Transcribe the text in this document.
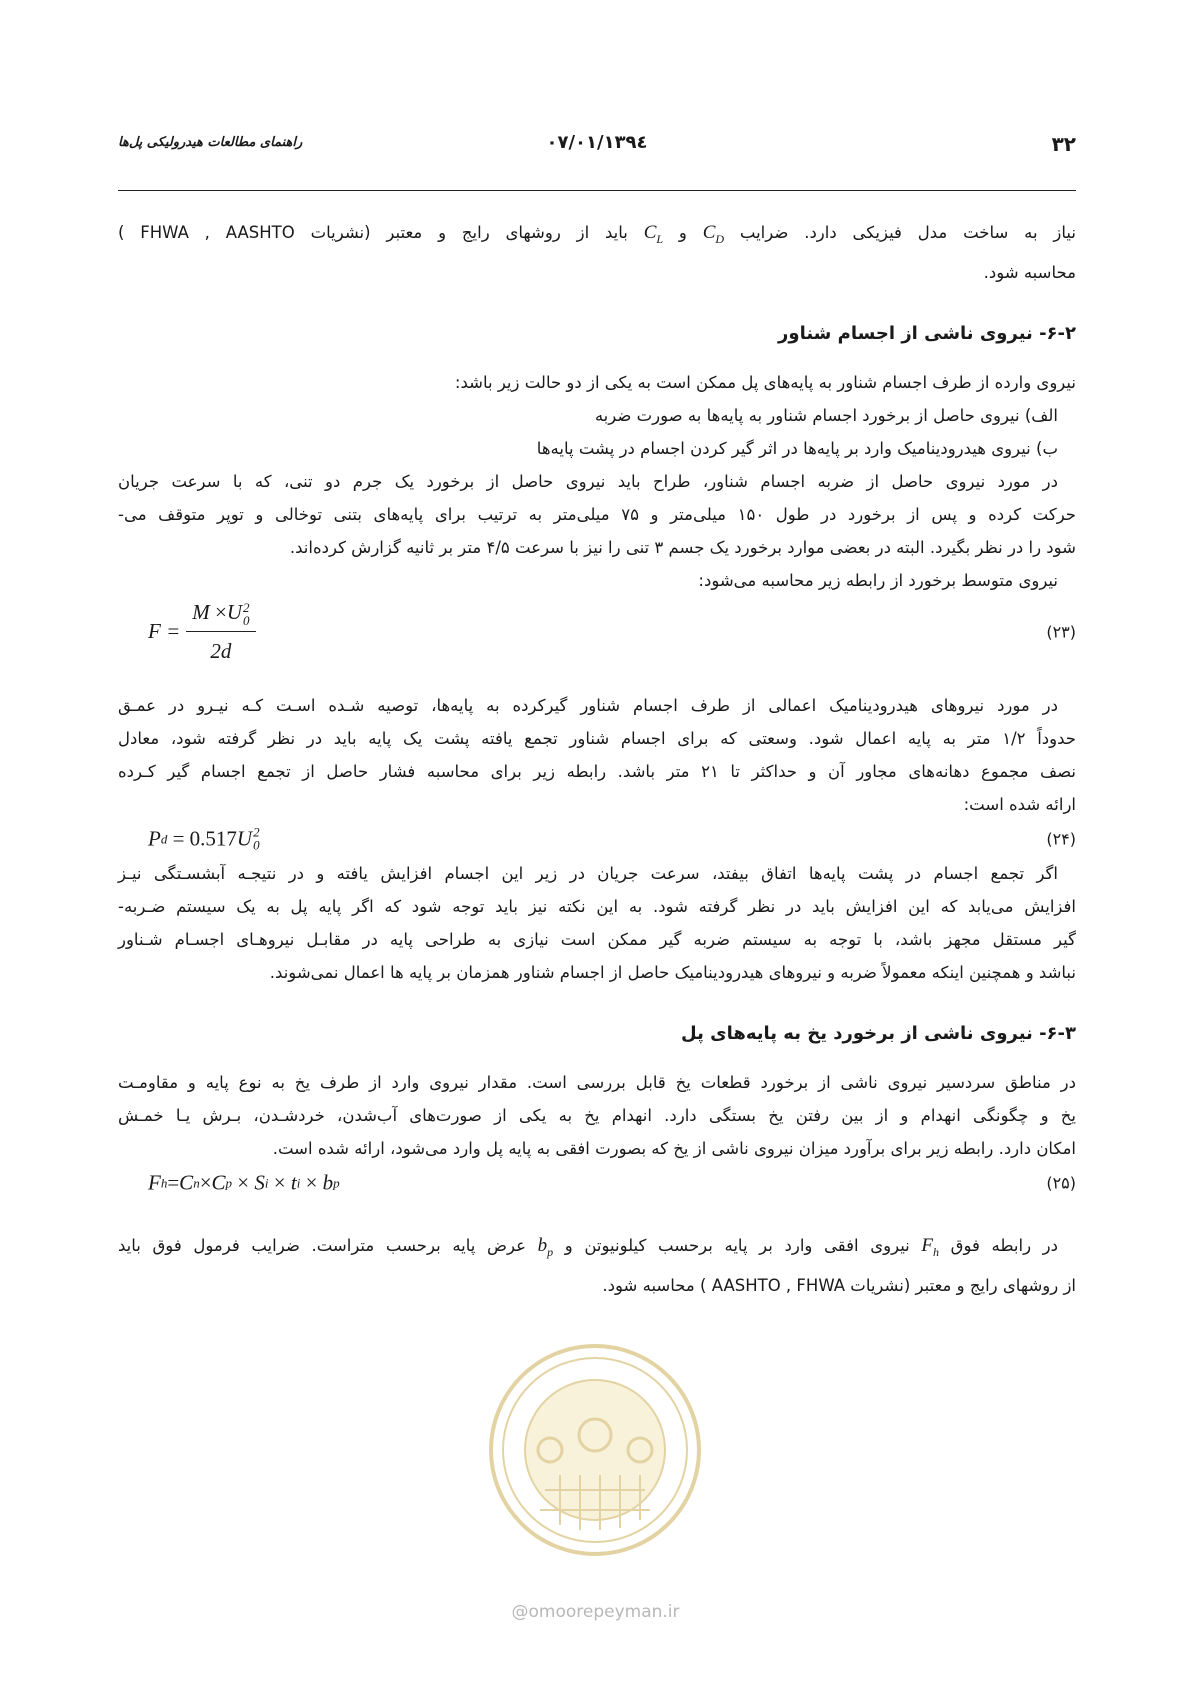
۳۲
۱۳۹٤/۰۷/۰۱
راهنمای مطالعات هیدرولیکی پل‌ها

نیاز به ساخت مدل فیزیکی دارد. ضرایب $C_D$ و $C_L$ باید از روشهای رایج و معتبر (نشریات ( FHWA , AASHTO

محاسبه شود.

۶-۲- نیروی ناشی از اجسام شناور

نیروی وارده از طرف اجسام شناور به پایه‌های پل ممکن است به یکی از دو حالت زیر باشد:

الف) نیروی حاصل از برخورد اجسام شناور به پایه‌ها به صورت ضربه

ب) نیروی هیدرودینامیک وارد بر پایه‌ها در اثر گیر کردن اجسام در پشت پایه‌ها

در مورد نیروی حاصل از ضربه اجسام شناور، طراح باید نیروی حاصل از برخورد یک جرم دو تنی، که با سرعت جریان

حرکت کرده و پس از برخورد در طول ۱۵۰ میلی‌متر و ۷۵ میلی‌متر به ترتیب برای پایه‌های بتنی توخالی و توپر متوقف می-

شود را در نظر بگیرد. البته در بعضی موارد برخورد یک جسم ۳ تنی را نیز با سرعت ۴/۵ متر بر ثانیه گزارش کرده‌اند.

نیروی متوسط برخورد از رابطه زیر محاسبه می‌شود:

(۲۳)
F = M ×U 2
0
2d

در مورد نیروهای هیدرودینامیک اعمالی از طرف اجسام شناور گیرکرده به پایه‌ها، توصیه شـده اسـت کـه نیـرو در عمـق

حدوداً ۱/۲ متر به پایه اعمال شود. وسعتی که برای اجسام شناور تجمع یافته پشت یک پایه باید در نظر گرفته شود، معادل

نصف مجموع دهانه‌های مجاور آن و حداکثر تا ۲۱ متر باشد. رابطه زیر برای محاسبه فشار حاصل از تجمع اجسام گیر کـرده

ارائه شده است:

(۲۴)
P d
= 0.517 U 2
0

اگر تجمع اجسام در پشت پایه‌ها اتفاق بیفتد، سرعت جریان در زیر این اجسام افزایش یافته و در نتیجـه آبشسـتگی نیـز

افزایش می‌یابد که این افزایش باید در نظر گرفته شود. به این نکته نیز باید توجه شود که اگر پایه پل به یک سیستم ضـربه-

گیر مستقل مجهز باشد، با توجه به سیستم ضربه گیر ممکن است نیازی به طراحی پایه در مقابـل نیروهـای اجسـام شـناور

نباشد و همچنین اینکه معمولاً ضربه و نیروهای هیدرودینامیک حاصل از اجسام شناور همزمان بر پایه ها اعمال نمی‌شوند.

۶-۳- نیروی ناشی از برخورد یخ به پایه‌های پل

در مناطق سردسیر نیروی ناشی از برخورد قطعات یخ قابل بررسی است. مقدار نیروی وارد از طرف یخ به نوع پایه و مقاومـت

یخ و چگونگی انهدام و از بین رفتن یخ بستگی دارد. انهدام یخ به یکی از صورت‌های آب‌شدن، خردشـدن، بـرش یـا خمـش

امکان دارد. رابطه زیر برای برآورد میزان نیروی ناشی از یخ که بصورت افقی به پایه پل وارد می‌شود، ارائه شده است.

(۲۵)
F h = C n × C p
×
S i
×
t i
×
b p

در رابطه فوق $F_h$ نیروی افقی وارد بر پایه برحسب کیلونیوتن و $b_p$ عرض پایه برحسب متراست. ضرایب فرمول فوق باید

از روشهای رایج و معتبر (نشریات AASHTO , FHWA ) محاسبه شود.

@omoorepeyman.ir
